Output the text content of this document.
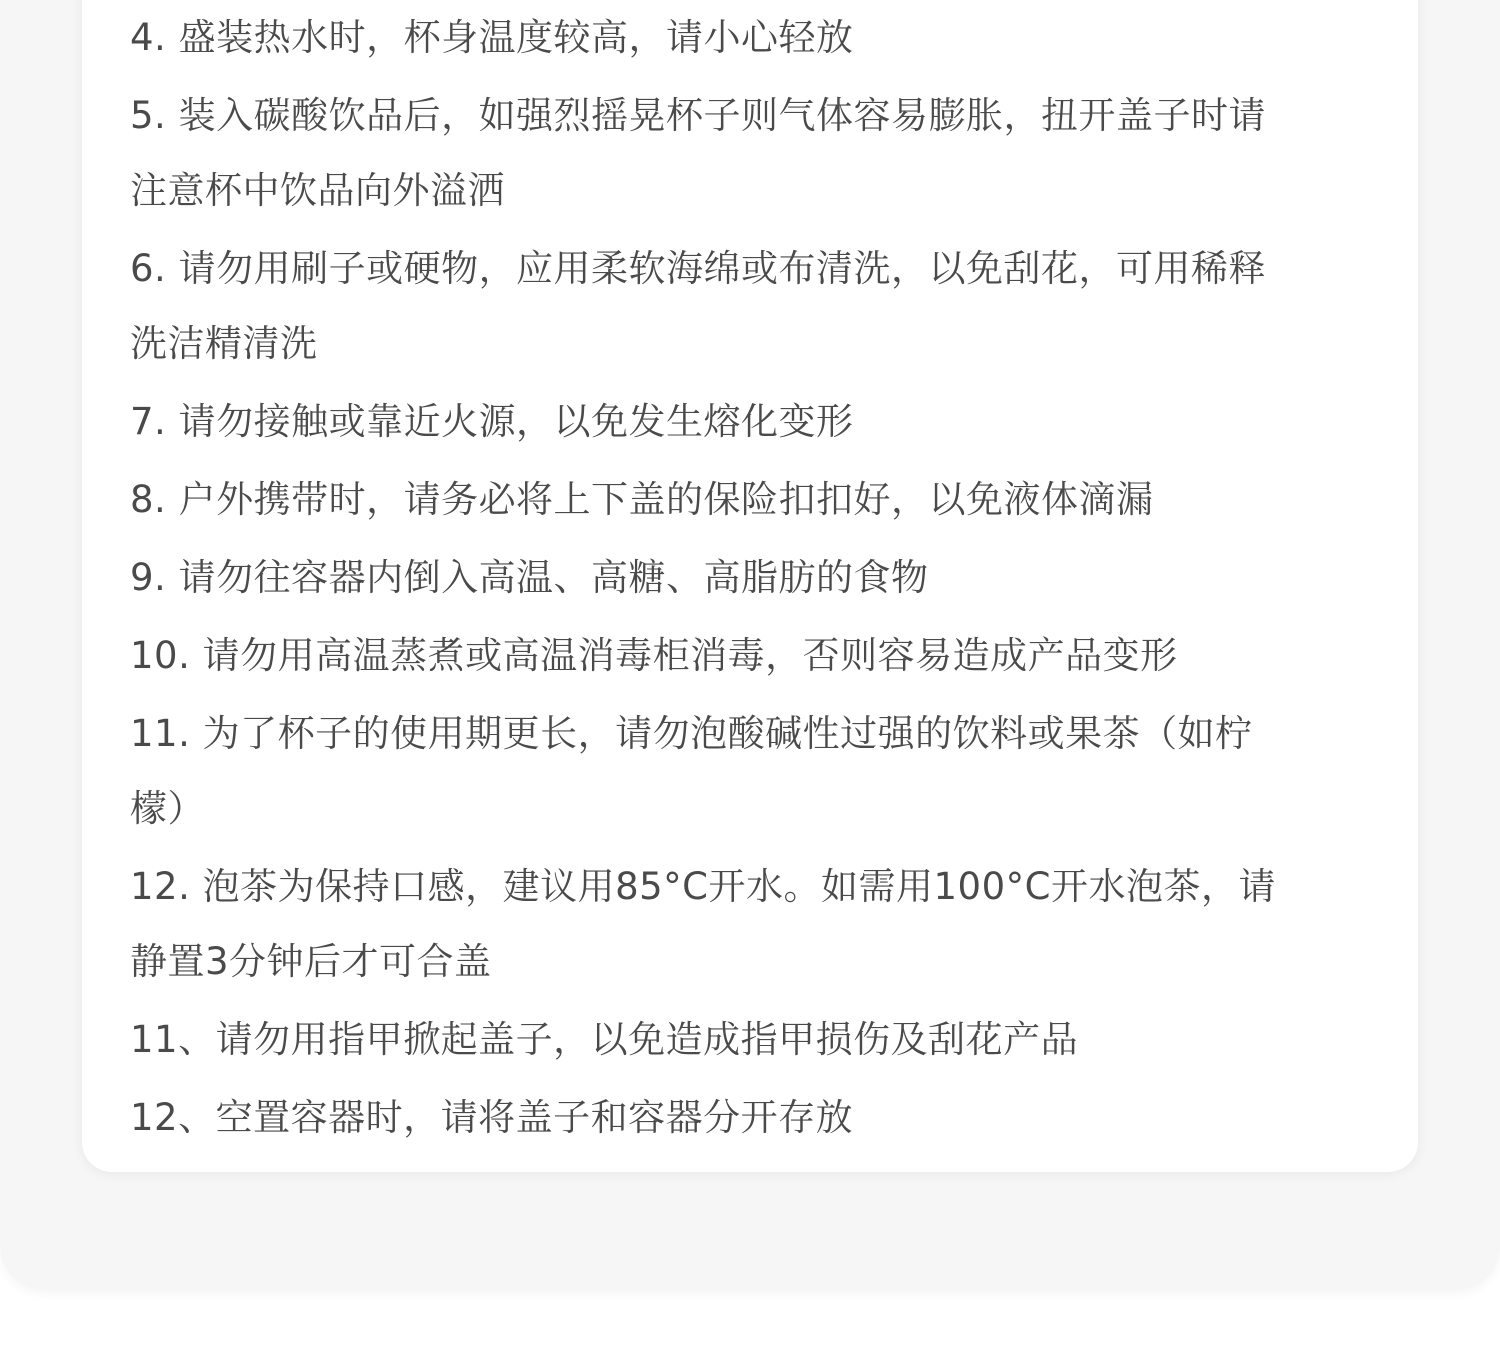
4. 盛装热水时，杯身温度较高，请小心轻放
5. 装入碳酸饮品后，如强烈摇晃杯子则气体容易膨胀，扭开盖子时请
注意杯中饮品向外溢洒
6. 请勿用刷子或硬物，应用柔软海绵或布清洗，以免刮花，可用稀释
洗洁精清洗
7. 请勿接触或靠近火源，以免发生熔化变形
8. 户外携带时，请务必将上下盖的保险扣扣好，以免液体滴漏
9. 请勿往容器内倒入高温、高糖、高脂肪的食物
10. 请勿用高温蒸煮或高温消毒柜消毒，否则容易造成产品变形
11. 为了杯子的使用期更长，请勿泡酸碱性过强的饮料或果茶（如柠
檬）
12. 泡茶为保持口感，建议用85°C开水。如需用100°C开水泡茶，请
静置3分钟后才可合盖
11、请勿用指甲掀起盖子，以免造成指甲损伤及刮花产品
12、空置容器时，请将盖子和容器分开存放
